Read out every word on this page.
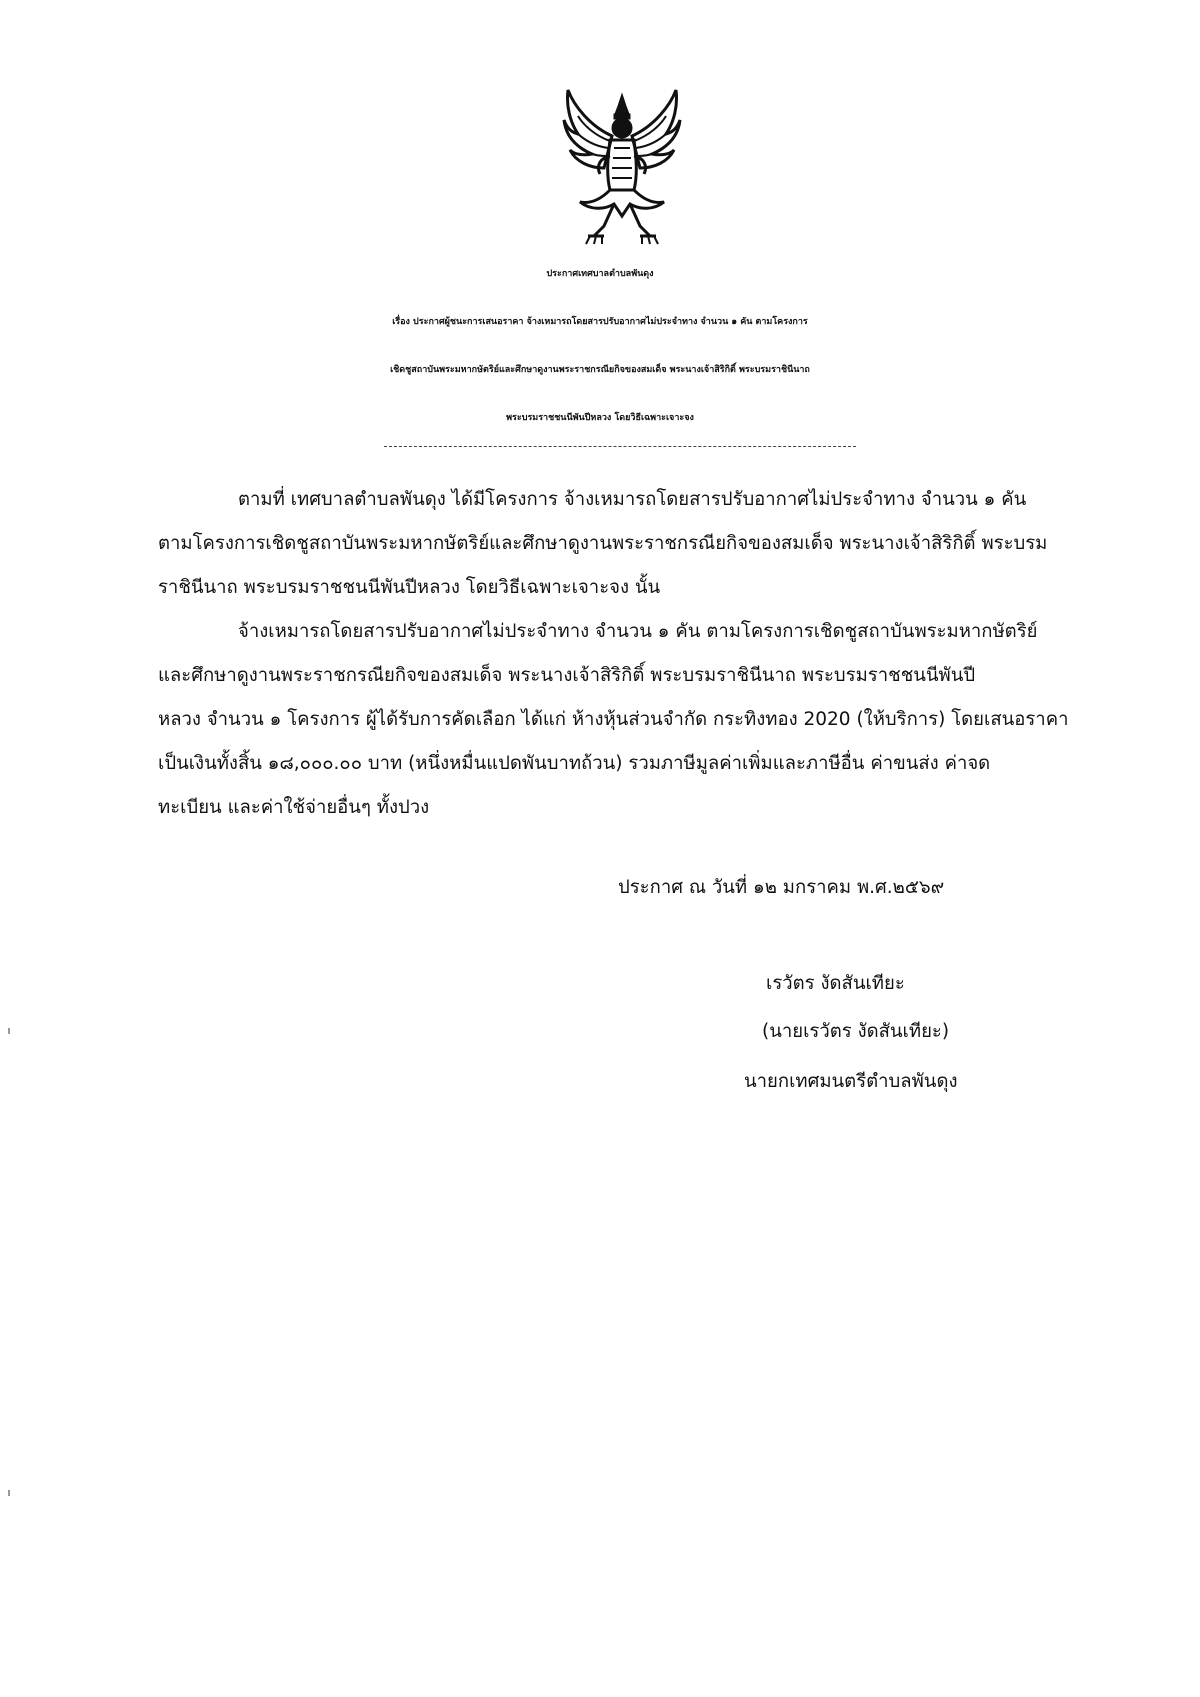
ประกาศเทศบาลตำบลพันดุง
เรื่อง ประกาศผู้ชนะการเสนอราคา จ้างเหมารถโดยสารปรับอากาศไม่ประจำทาง จำนวน ๑ คัน ตามโครงการ
เชิดชูสถาบันพระมหากษัตริย์และศึกษาดูงานพระราชกรณียกิจของสมเด็จ พระนางเจ้าสิริกิติ์ พระบรมราชินีนาถ
พระบรมราชชนนีพันปีหลวง โดยวิธีเฉพาะเจาะจง
ตามที่ เทศบาลตำบลพันดุง ได้มีโครงการ จ้างเหมารถโดยสารปรับอากาศไม่ประจำทาง จำนวน ๑ คัน
ตามโครงการเชิดชูสถาบันพระมหากษัตริย์และศึกษาดูงานพระราชกรณียกิจของสมเด็จ พระนางเจ้าสิริกิติ์ พระบรม
ราชินีนาถ พระบรมราชชนนีพันปีหลวง โดยวิธีเฉพาะเจาะจง นั้น
จ้างเหมารถโดยสารปรับอากาศไม่ประจำทาง จำนวน ๑ คัน ตามโครงการเชิดชูสถาบันพระมหากษัตริย์
และศึกษาดูงานพระราชกรณียกิจของสมเด็จ พระนางเจ้าสิริกิติ์ พระบรมราชินีนาถ พระบรมราชชนนีพันปี
หลวง จำนวน ๑ โครงการ ผู้ได้รับการคัดเลือก ได้แก่ ห้างหุ้นส่วนจำกัด กระทิงทอง 2020 (ให้บริการ) โดยเสนอราคา
เป็นเงินทั้งสิ้น ๑๘,๐๐๐.๐๐ บาท (หนึ่งหมื่นแปดพันบาทถ้วน) รวมภาษีมูลค่าเพิ่มและภาษีอื่น ค่าขนส่ง ค่าจด
ทะเบียน และค่าใช้จ่ายอื่นๆ ทั้งปวง
ประกาศ ณ วันที่ ๑๒ มกราคม พ.ศ.๒๕๖๙
เรวัตร งัดสันเทียะ
(นายเรวัตร งัดสันเทียะ)
นายกเทศมนตรีตำบลพันดุง
